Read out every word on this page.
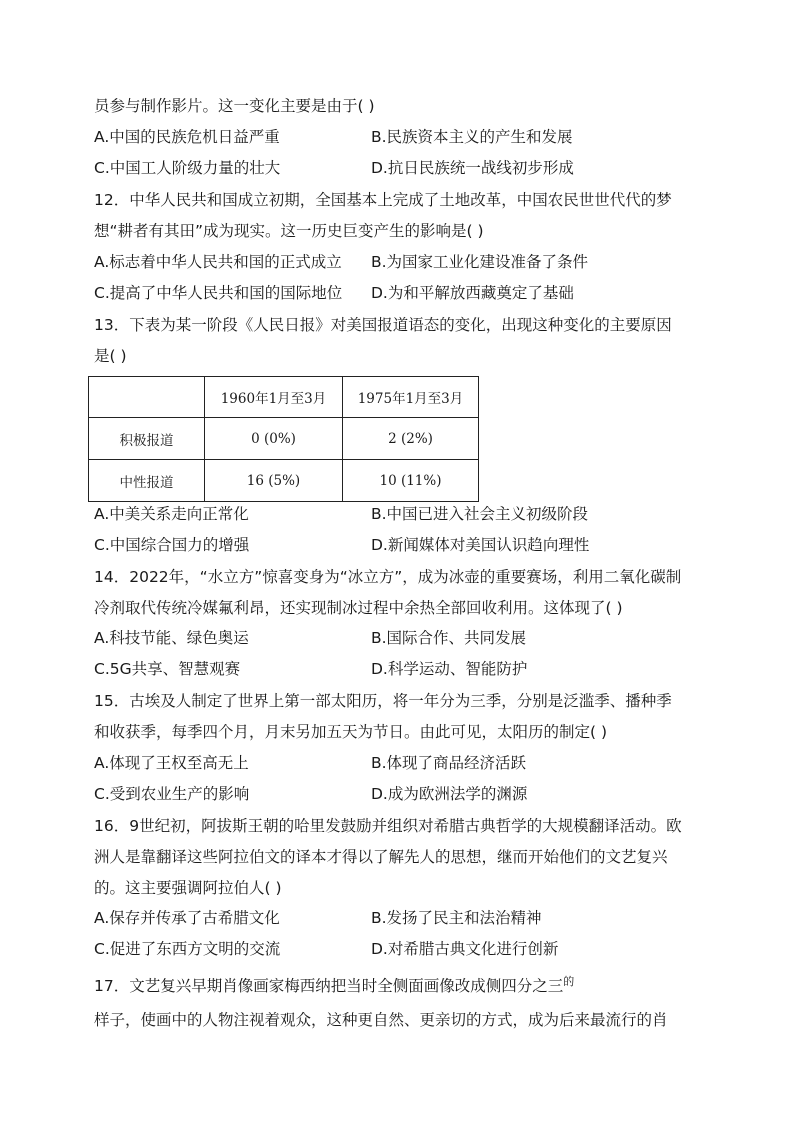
员参与制作影片。这一变化主要是由于( )
A.中国的民族危机日益严重	B.民族资本主义的产生和发展
C.中国工人阶级力量的壮大	D.抗日民族统一战线初步形成
12．中华人民共和国成立初期，全国基本上完成了土地改革，中国农民世世代代的梦
想“耕者有其田”成为现实。这一历史巨变产生的影响是( )
A.标志着中华人民共和国的正式成立 B.为国家工业化建设准备了条件
C.提高了中华人民共和国的国际地位 D.为和平解放西藏奠定了基础
13．下表为某一阶段《人民日报》对美国报道语态的变化，出现这种变化的主要原因
是( )
	1960年1月至3月	1975年1月至3月
积极报道	0 (0%)	2 (2%)
中性报道	16 (5%)	10 (11%)
A.中美关系走向正常化	B.中国已进入社会主义初级阶段
C.中国综合国力的增强	D.新闻媒体对美国认识趋向理性
14．2022年，“水立方”惊喜变身为“冰立方”，成为冰壶的重要赛场，利用二氧化碳制
冷剂取代传统冷媒氟利昂，还实现制冰过程中余热全部回收利用。这体现了( )
A.科技节能、绿色奥运	B.国际合作、共同发展
C.5G共享、智慧观赛	D.科学运动、智能防护
15．古埃及人制定了世界上第一部太阳历，将一年分为三季，分别是泛滥季、播种季
和收获季，每季四个月，月末另加五天为节日。由此可见，太阳历的制定( )
A.体现了王权至高无上	B.体现了商品经济活跃
C.受到农业生产的影响	D.成为欧洲法学的渊源
16．9世纪初，阿拔斯王朝的哈里发鼓励并组织对希腊古典哲学的大规模翻译活动。欧
洲人是靠翻译这些阿拉伯文的译本才得以了解先人的思想，继而开始他们的文艺复兴
的。这主要强调阿拉伯人( )
A.保存并传承了古希腊文化	B.发扬了民主和法治精神
C.促进了东西方文明的交流	D.对希腊古典文化进行创新
17．文艺复兴早期肖像画家梅西纳把当时全侧面画像改成侧四分之三$^的$
样子，使画中的人物注视着观众，这种更自然、更亲切的方式，成为后来最流行的肖
